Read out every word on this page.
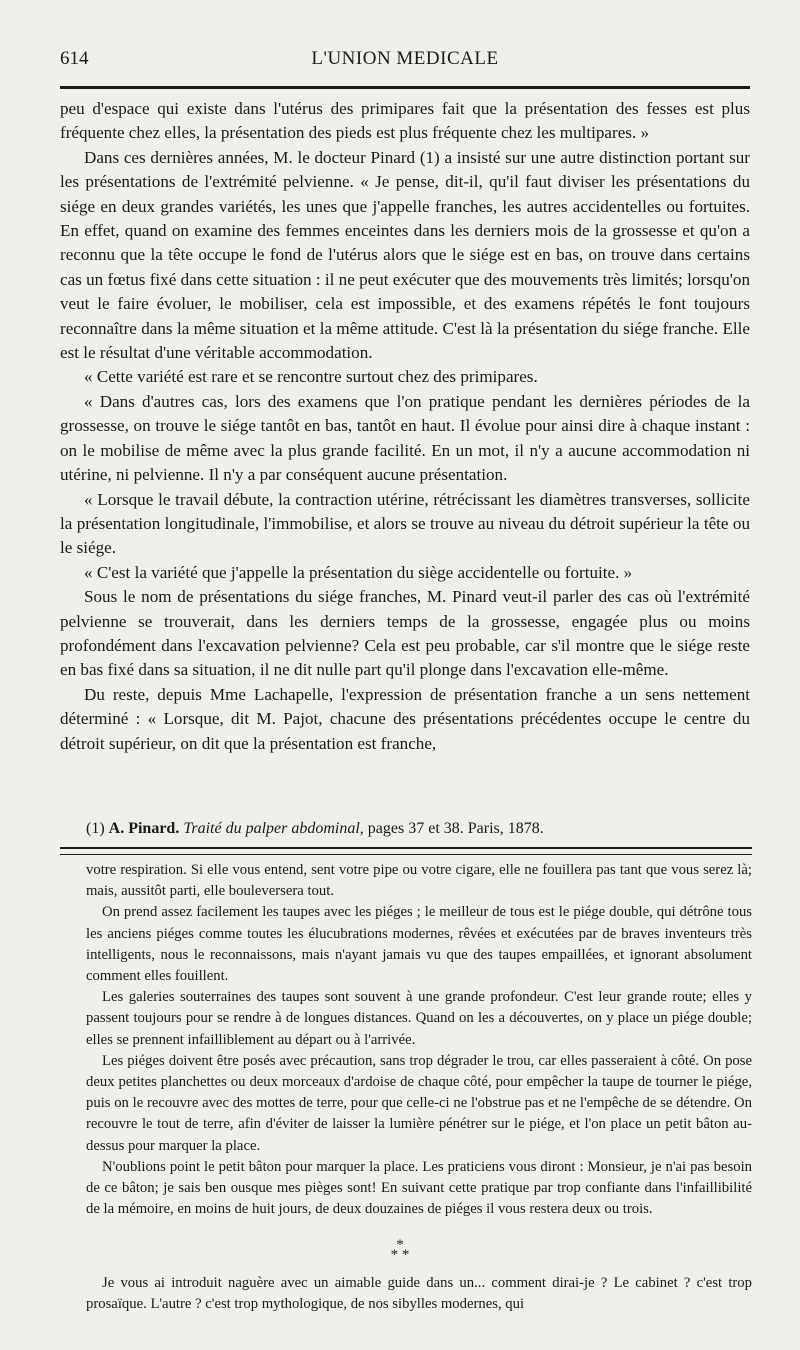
614	L'UNION MEDICALE

peu d'espace qui existe dans l'utérus des primipares fait que la présentation des fesses est plus fréquente chez elles, la présentation des pieds est plus fréquente chez les multipares. »

Dans ces dernières années, M. le docteur Pinard (1) a insisté sur une autre distinction portant sur les présentations de l'extrémité pelvienne. « Je pense, dit-il, qu'il faut diviser les présentations du siége en deux grandes variétés, les unes que j'appelle franches, les autres accidentelles ou fortuites. En effet, quand on examine des femmes enceintes dans les derniers mois de la grossesse et qu'on a reconnu que la tête occupe le fond de l'utérus alors que le siége est en bas, on trouve dans certains cas un fœtus fixé dans cette situation : il ne peut exécuter que des mouvements très limités; lorsqu'on veut le faire évoluer, le mobiliser, cela est impossible, et des examens répétés le font toujours reconnaître dans la même situation et la même attitude. C'est là la présentation du siége franche. Elle est le résultat d'une véritable accommodation.

« Cette variété est rare et se rencontre surtout chez des primipares.

« Dans d'autres cas, lors des examens que l'on pratique pendant les dernières périodes de la grossesse, on trouve le siége tantôt en bas, tantôt en haut. Il évolue pour ainsi dire à chaque instant : on le mobilise de même avec la plus grande facilité. En un mot, il n'y a aucune accommodation ni utérine, ni pelvienne. Il n'y a par conséquent aucune présentation.

« Lorsque le travail débute, la contraction utérine, rétrécissant les diamètres transverses, sollicite la présentation longitudinale, l'immobilise, et alors se trouve au niveau du détroit supérieur la tête ou le siége.

« C'est la variété que j'appelle la présentation du siège accidentelle ou fortuite. »

Sous le nom de présentations du siége franches, M. Pinard veut-il parler des cas où l'extrémité pelvienne se trouverait, dans les derniers temps de la grossesse, engagée plus ou moins profondément dans l'excavation pelvienne? Cela est peu probable, car s'il montre que le siége reste en bas fixé dans sa situation, il ne dit nulle part qu'il plonge dans l'excavation elle-même.

Du reste, depuis Mme Lachapelle, l'expression de présentation franche a un sens nettement déterminé : « Lorsque, dit M. Pajot, chacune des présentations précédentes occupe le centre du détroit supérieur, on dit que la présentation est franche,

(1) A. Pinard. Traité du palper abdominal, pages 37 et 38. Paris, 1878.

votre respiration. Si elle vous entend, sent votre pipe ou votre cigare, elle ne fouillera pas tant que vous serez là; mais, aussitôt parti, elle bouleversera tout.

On prend assez facilement les taupes avec les piéges ; le meilleur de tous est le piége double, qui détrône tous les anciens piéges comme toutes les élucubrations modernes, rêvées et exécutées par de braves inventeurs très intelligents, nous le reconnaissons, mais n'ayant jamais vu que des taupes empaillées, et ignorant absolument comment elles fouillent.

Les galeries souterraines des taupes sont souvent à une grande profondeur. C'est leur grande route; elles y passent toujours pour se rendre à de longues distances. Quand on les a découvertes, on y place un piége double; elles se prennent infailliblement au départ ou à l'arrivée.

Les piéges doivent être posés avec précaution, sans trop dégrader le trou, car elles passeraient à côté. On pose deux petites planchettes ou deux morceaux d'ardoise de chaque côté, pour empêcher la taupe de tourner le piége, puis on le recouvre avec des mottes de terre, pour que celle-ci ne l'obstrue pas et ne l'empêche de se détendre. On recouvre le tout de terre, afin d'éviter de laisser la lumière pénétrer sur le piége, et l'on place un petit bâton au-dessus pour marquer la place.

N'oublions point le petit bâton pour marquer la place. Les praticiens vous diront : Monsieur, je n'ai pas besoin de ce bâton; je sais ben ousque mes pièges sont! En suivant cette pratique par trop confiante dans l'infaillibilité de la mémoire, en moins de huit jours, de deux douzaines de piéges il vous restera deux ou trois.

*
* *

Je vous ai introduit naguère avec un aimable guide dans un... comment dirai-je ? Le cabinet ? c'est trop prosaïque. L'autre ? c'est trop mythologique, de nos sibylles modernes, qui
